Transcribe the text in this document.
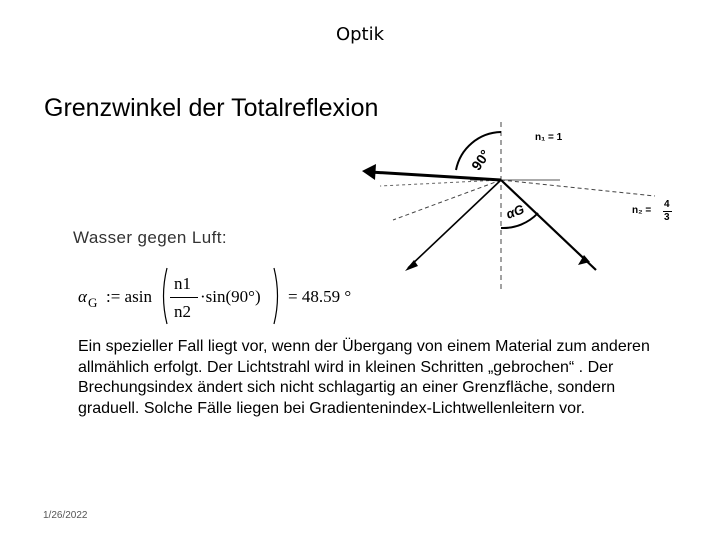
Optik
Grenzwinkel der Totalreflexion
90°
αG
n₁ = 1
n₂ =
4
3
Wasser gegen Luft:
α G := asin
n1
n2
·sin(90°) = 48.59 °
Ein spezieller Fall liegt vor, wenn der Übergang von einem Material zum anderen allmählich erfolgt. Der Lichtstrahl wird in kleinen Schritten „gebrochen“ . Der Brechungsindex ändert sich nicht schlagartig an einer Grenzfläche, sondern graduell. Solche Fälle liegen bei Gradientenindex-Lichtwellenleitern vor.
1/26/2022
